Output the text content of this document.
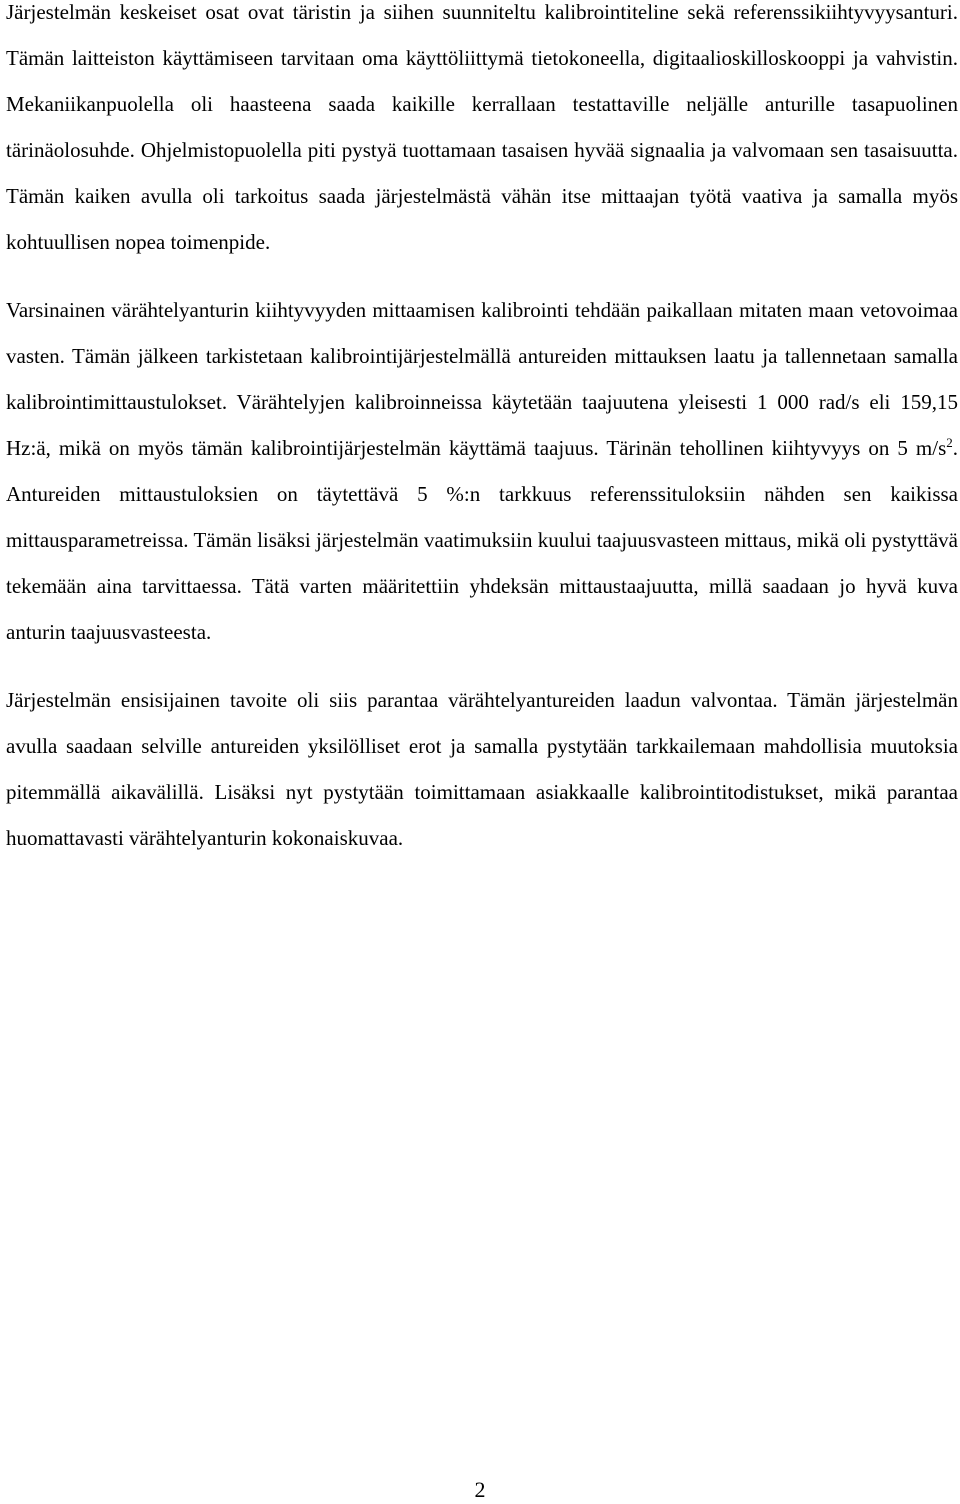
Järjestelmän keskeiset osat ovat täristin ja siihen suunniteltu kalibrointiteline sekä referenssikiihtyvyysanturi. Tämän laitteiston käyttämiseen tarvitaan oma käyttöliittymä tietokoneella, digitaalioskilloskooppi ja vahvistin. Mekaniikanpuolella oli haasteena saada kaikille kerrallaan testattaville neljälle anturille tasapuolinen tärinäolosuhde. Ohjelmistopuolella piti pystyä tuottamaan tasaisen hyvää signaalia ja valvomaan sen tasaisuutta. Tämän kaiken avulla oli tarkoitus saada järjestelmästä vähän itse mittaajan työtä vaativa ja samalla myös kohtuullisen nopea toimenpide.

Varsinainen värähtelyanturin kiihtyvyyden mittaamisen kalibrointi tehdään paikallaan mitaten maan vetovoimaa vasten. Tämän jälkeen tarkistetaan kalibrointijärjestelmällä antureiden mittauksen laatu ja tallennetaan samalla kalibrointimittaustulokset. Värähtelyjen kalibroinneissa käytetään taajuutena yleisesti 1 000 rad/s eli 159,15 Hz:ä, mikä on myös tämän kalibrointijärjestelmän käyttämä taajuus. Tärinän tehollinen kiihtyvyys on 5 $m/s^2$. Antureiden mittaustuloksien on täytettävä 5 %:n tarkkuus referenssituloksiin nähden sen kaikissa mittausparametreissa. Tämän lisäksi järjestelmän vaatimuksiin kuului taajuusvasteen mittaus, mikä oli pystyttävä tekemään aina tarvittaessa. Tätä varten määritettiin yhdeksän mittaustaajuutta, millä saadaan jo hyvä kuva anturin taajuusvasteesta.

Järjestelmän ensisijainen tavoite oli siis parantaa värähtelyantureiden laadun valvontaa. Tämän järjestelmän avulla saadaan selville antureiden yksilölliset erot ja samalla pystytään tarkkailemaan mahdollisia muutoksia pitemmällä aikavälillä. Lisäksi nyt pystytään toimittamaan asiakkaalle kalibrointitodistukset, mikä parantaa huomattavasti värähtelyanturin kokonaiskuvaa.

2
